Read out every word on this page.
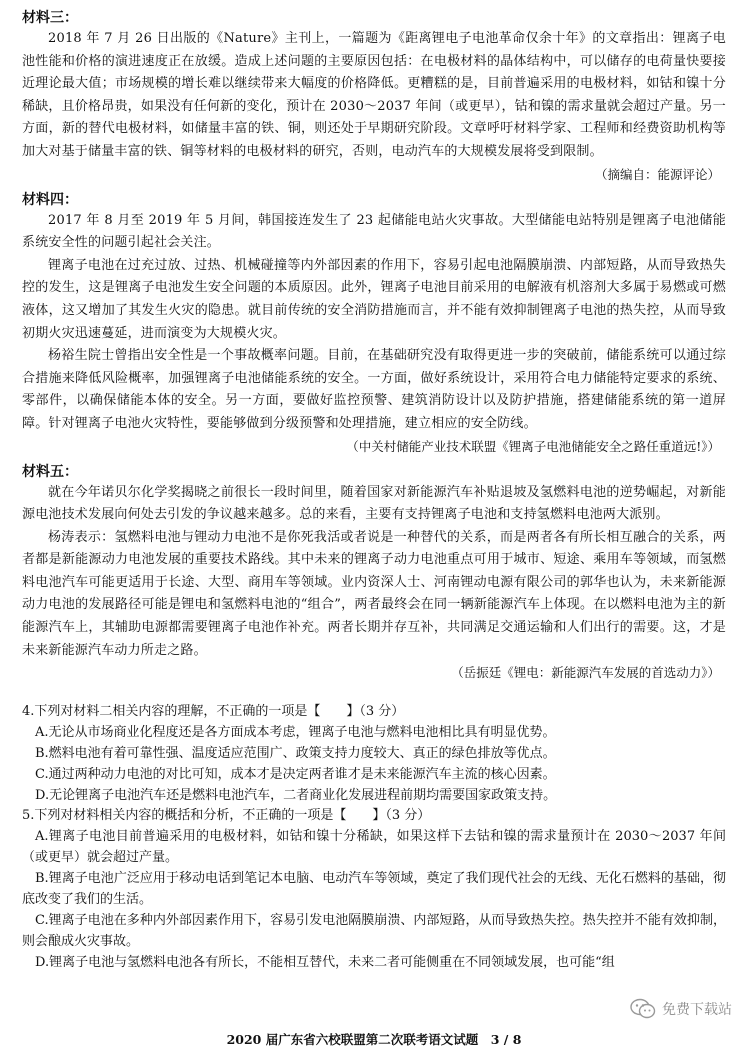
材料三：

2018 年 7 月 26 日出版的《Nature》主刊上，一篇题为《距离锂电子电池革命仅余十年》的文章指出：锂离子电池性能和价格的演进速度正在放缓。造成上述问题的主要原因包括：在电极材料的晶体结构中，可以储存的电荷量快要接近理论最大值；市场规模的增长难以继续带来大幅度的价格降低。更糟糕的是，目前普遍采用的电极材料，如钴和镍十分稀缺，且价格昂贵，如果没有任何新的变化，预计在 2030～2037 年间（或更早），钴和镍的需求量就会超过产量。另一方面，新的替代电极材料，如储量丰富的铁、铜，则还处于早期研究阶段。文章呼吁材料学家、工程师和经费资助机构等加大对基于储量丰富的铁、铜等材料的电极材料的研究，否则，电动汽车的大规模发展将受到限制。

（摘编自：能源评论）

材料四：

2017 年 8 月至 2019 年 5 月间，韩国接连发生了 23 起储能电站火灾事故。大型储能电站特别是锂离子电池储能系统安全性的问题引起社会关注。

锂离子电池在过充过放、过热、机械碰撞等内外部因素的作用下，容易引起电池隔膜崩溃、内部短路，从而导致热失控的发生，这是锂离子电池发生安全问题的本质原因。此外，锂离子电池目前采用的电解液有机溶剂大多属于易燃或可燃液体，这又增加了其发生火灾的隐患。就目前传统的安全消防措施而言，并不能有效抑制锂离子电池的热失控，从而导致初期火灾迅速蔓延，进而演变为大规模火灾。

杨裕生院士曾指出安全性是一个事故概率问题。目前，在基础研究没有取得更进一步的突破前，储能系统可以通过综合措施来降低风险概率，加强锂离子电池储能系统的安全。一方面，做好系统设计，采用符合电力储能特定要求的系统、零部件，以确保储能本体的安全。另一方面，要做好监控预警、建筑消防设计以及防护措施，搭建储能系统的第一道屏障。针对锂离子电池火灾特性，要能够做到分级预警和处理措施，建立相应的安全防线。

（中关村储能产业技术联盟《锂离子电池储能安全之路任重道远!》）

材料五：

就在今年诺贝尔化学奖揭晓之前很长一段时间里，随着国家对新能源汽车补贴退坡及氢燃料电池的逆势崛起，对新能源电池技术发展向何处去引发的争议越来越多。总的来看，主要有支持锂离子电池和支持氢燃料电池两大派别。

杨涛表示：氢燃料电池与锂动力电池不是你死我活或者说是一种替代的关系，而是两者各有所长相互融合的关系，两者都是新能源动力电池发展的重要技术路线。其中未来的锂离子动力电池重点可用于城市、短途、乘用车等领域，而氢燃料电池汽车可能更适用于长途、大型、商用车等领域。业内资深人士、河南锂动电源有限公司的郭华也认为，未来新能源动力电池的发展路径可能是锂电和氢燃料电池的“组合”，两者最终会在同一辆新能源汽车上体现。在以燃料电池为主的新能源汽车上，其辅助电源都需要锂离子电池作补充。两者长期并存互补，共同满足交通运输和人们出行的需要。这，才是未来新能源汽车动力所走之路。

（岳振廷《锂电：新能源汽车发展的首选动力》）

4.下列对材料二相关内容的理解，不正确的一项是【　　】（3 分）

A.无论从市场商业化程度还是各方面成本考虑，锂离子电池与燃料电池相比具有明显优势。

B.燃料电池有着可靠性强、温度适应范围广、政策支持力度较大、真正的绿色排放等优点。

C.通过两种动力电池的对比可知，成本才是决定两者谁才是未来能源汽车主流的核心因素。

D.无论锂离子电池汽车还是燃料电池汽车，二者商业化发展进程前期均需要国家政策支持。

5.下列对材料相关内容的概括和分析，不正确的一项是【　　】（3 分）

A.锂离子电池目前普遍采用的电极材料，如钴和镍十分稀缺，如果这样下去钴和镍的需求量预计在 2030～2037 年间（或更早）就会超过产量。

B.锂离子电池广泛应用于移动电话到笔记本电脑、电动汽车等领域，奠定了我们现代社会的无线、无化石燃料的基础，彻底改变了我们的生活。

C.锂离子电池在多种内外部因素作用下，容易引发电池隔膜崩溃、内部短路，从而导致热失控。热失控并不能有效抑制，则会酿成火灾事故。

D.锂离子电池与氢燃料电池各有所长，不能相互替代，未来二者可能侧重在不同领域发展，也可能“组

免费下载站
2020 届广东省六校联盟第二次联考语文试题　3 / 8
